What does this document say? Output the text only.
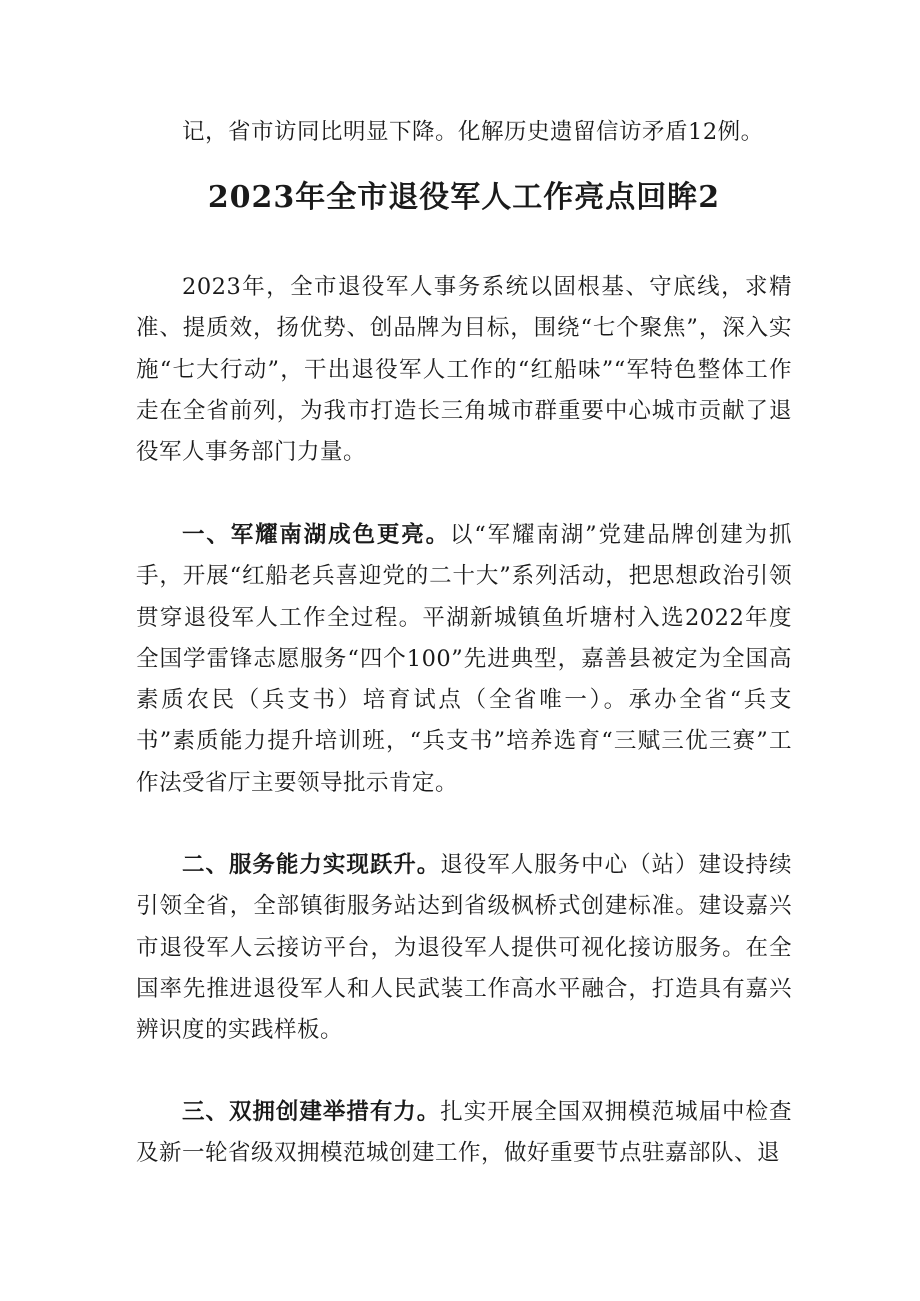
记，省市访同比明显下降。化解历史遗留信访矛盾12例。

2023年全市退役军人工作亮点回眸2

2023年，全市退役军人事务系统以固根基、守底线，求精准、提质效，扬优势、创品牌为目标，围绕“七个聚焦”，深入实施“七大行动”，干出退役军人工作的“红船味”“军特色整体工作走在全省前列，为我市打造长三角城市群重要中心城市贡献了退役军人事务部门力量。

一、军耀南湖成色更亮。以“军耀南湖”党建品牌创建为抓手，开展“红船老兵喜迎党的二十大”系列活动，把思想政治引领贯穿退役军人工作全过程。平湖新城镇鱼圻塘村入选2022年度全国学雷锋志愿服务“四个100”先进典型，嘉善县被定为全国高素质农民（兵支书）培育试点（全省唯一）。承办全省“兵支书”素质能力提升培训班，“兵支书”培养选育“三赋三优三赛”工作法受省厅主要领导批示肯定。

二、服务能力实现跃升。退役军人服务中心（站）建设持续引领全省，全部镇街服务站达到省级枫桥式创建标准。建设嘉兴市退役军人云接访平台，为退役军人提供可视化接访服务。在全国率先推进退役军人和人民武装工作高水平融合，打造具有嘉兴辨识度的实践样板。

三、双拥创建举措有力。扎实开展全国双拥模范城届中检查及新一轮省级双拥模范城创建工作，做好重要节点驻嘉部队、退
